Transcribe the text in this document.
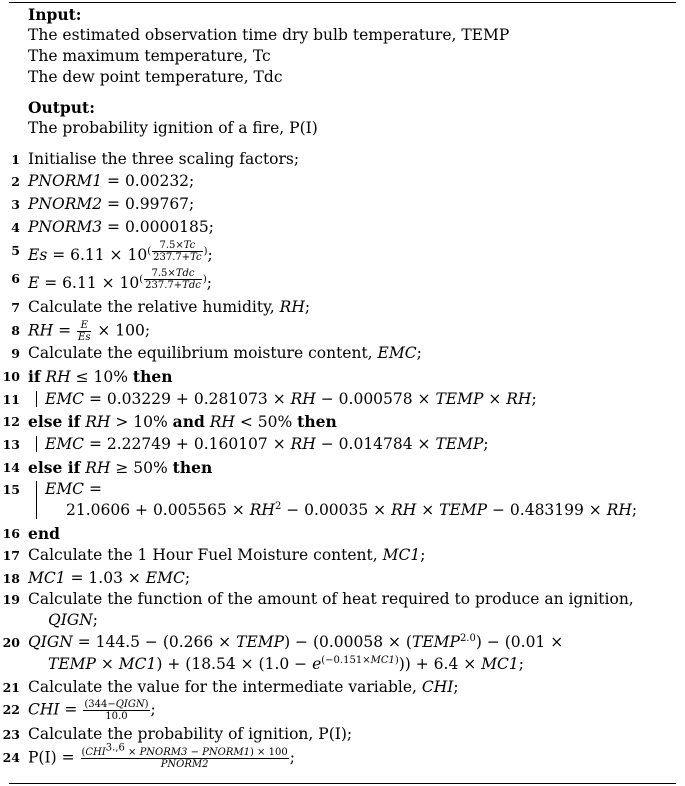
Input:
The estimated observation time dry bulb temperature, TEMP
The maximum temperature, Tc
The dew point temperature, Tdc
Output:
The probability ignition of a fire, P(I)
1 Initialise the three scaling factors;
2 PNORM1 = 0.00232;
3 PNORM2 = 0.99767;
4 PNORM3 = 0.0000185;
5 $Es = 6.11 \times 10^{( \frac{7.5\times Tc}{237.7+Tc} )}$;
6 $E = 6.11 \times 10^{( \frac{\text{7.5×Tdc}}{\text{237.7+Tdc}} )}$;
7 Calculate the relative humidity, RH;
8 RH = $\frac{E}{Es} \times 100$;
9 Calculate the equilibrium moisture content, EMC;
10 if RH ≤ 10% then
11 EMC = 0.03229 + 0.281073 × RH − 0.000578 × TEMP × RH;
12 else if RH > 10% and RH < 50% then
13 EMC = 2.22749 + 0.160107 × RH − 0.014784 × TEMP;
14 else if RH ≥ 50% then
15 EMC =
$21.0606 + 0.005565 \times RH^2 - 0.00035$ × RH × TEMP − 0.483199 × RH;
16 end
17 Calculate the 1 Hour Fuel Moisture content, MC1;
18 MC1 = 1.03 × EMC;
19 Calculate the function of the amount of heat required to produce an ignition,
QIGN;
20 QIGN = 144.5 − (0.266 × TEMP) − ($0.00058 \times (TEMP^{2.0}) - (0.01$ ×
TEMP × $MC1) + (18.54 \times (1.0 - e^{(-0.151\times MC1)})) + 6.4 \times MC1$;
21 Calculate the value for the intermediate variable, CHI;
22 CHI = $\frac{\text{(344−QIGN)}}{10.0}$ ;
23 Calculate the probability of ignition, P(I);
24 $P(I) = \frac{(CHI^{3.,6} \times PNORM3 - PNORM1) \times 100}{\text{PNORM2}}$ ;
